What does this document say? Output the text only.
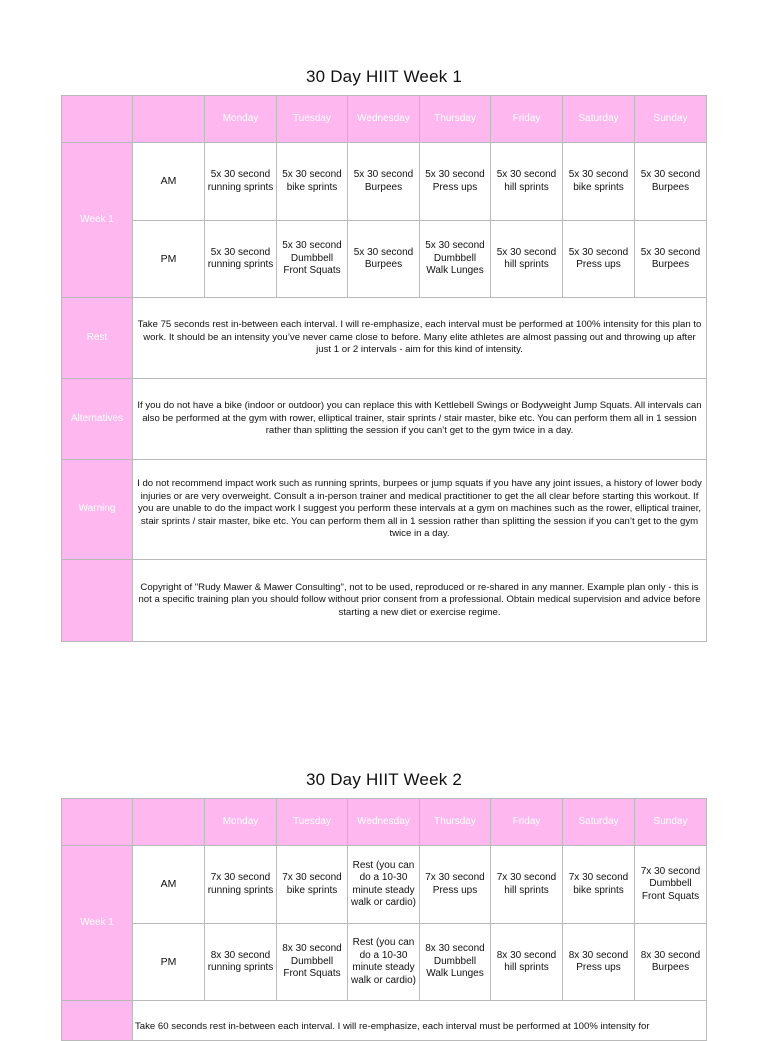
30 Day HIIT Week 1
		Monday	Tuesday	Wednesday	Thursday	Friday	Saturday	Sunday
Week 1	AM	5x 30 second running sprints	5x 30 second bike sprints	5x 30 second Burpees	5x 30 second Press ups	5x 30 second hill sprints	5x 30 second bike sprints	5x 30 second Burpees
	PM	5x 30 second running sprints	5x 30 second Dumbbell Front Squats	5x 30 second Burpees	5x 30 second Dumbbell Walk Lunges	5x 30 second hill sprints	5x 30 second Press ups	5x 30 second Burpees
Rest	Take 75 seconds rest in-between each interval. I will re-emphasize, each interval must be performed at 100% intensity for this plan to work. It should be an intensity you’ve never came close to before. Many elite athletes are almost passing out and throwing up after just 1 or 2 intervals - aim for this kind of intensity.							
Alternatives	If you do not have a bike (indoor or outdoor) you can replace this with Kettlebell Swings or Bodyweight Jump Squats. All intervals can also be performed at the gym with rower, elliptical trainer, stair sprints / stair master, bike etc. You can perform them all in 1 session rather than splitting the session if you can’t get to the gym twice in a day.							
Warning	I do not recommend impact work such as running sprints, burpees or jump squats if you have any joint issues, a history of lower body injuries or are very overweight. Consult a in-person trainer and medical practitioner to get the all clear before starting this workout. If you are unable to do the impact work I suggest you perform these intervals at a gym on machines such as the rower, elliptical trainer, stair sprints / stair master, bike etc. You can perform them all in 1 session rather than splitting the session if you can’t get to the gym twice in a day.							
	Copyright of "Rudy Mawer & Mawer Consulting", not to be used, reproduced or re-shared in any manner. Example plan only - this is not a specific training plan you should follow without prior consent from a professional. Obtain medical supervision and advice before starting a new diet or exercise regime.							
30 Day HIIT Week 2
		Monday	Tuesday	Wednesday	Thursday	Friday	Saturday	Sunday
Week 1	AM	7x 30 second running sprints	7x 30 second bike sprints	Rest (you can do a 10-30 minute steady walk or cardio)	7x 30 second Press ups	7x 30 second hill sprints	7x 30 second bike sprints	7x 30 second Dumbbell Front Squats
	PM	8x 30 second running sprints	8x 30 second Dumbbell Front Squats	Rest (you can do a 10-30 minute steady walk or cardio)	8x 30 second Dumbbell Walk Lunges	8x 30 second hill sprints	8x 30 second Press ups	8x 30 second Burpees
	Take 60 seconds rest in-between each interval. I will re-emphasize, each interval must be performed at 100% intensity for							
